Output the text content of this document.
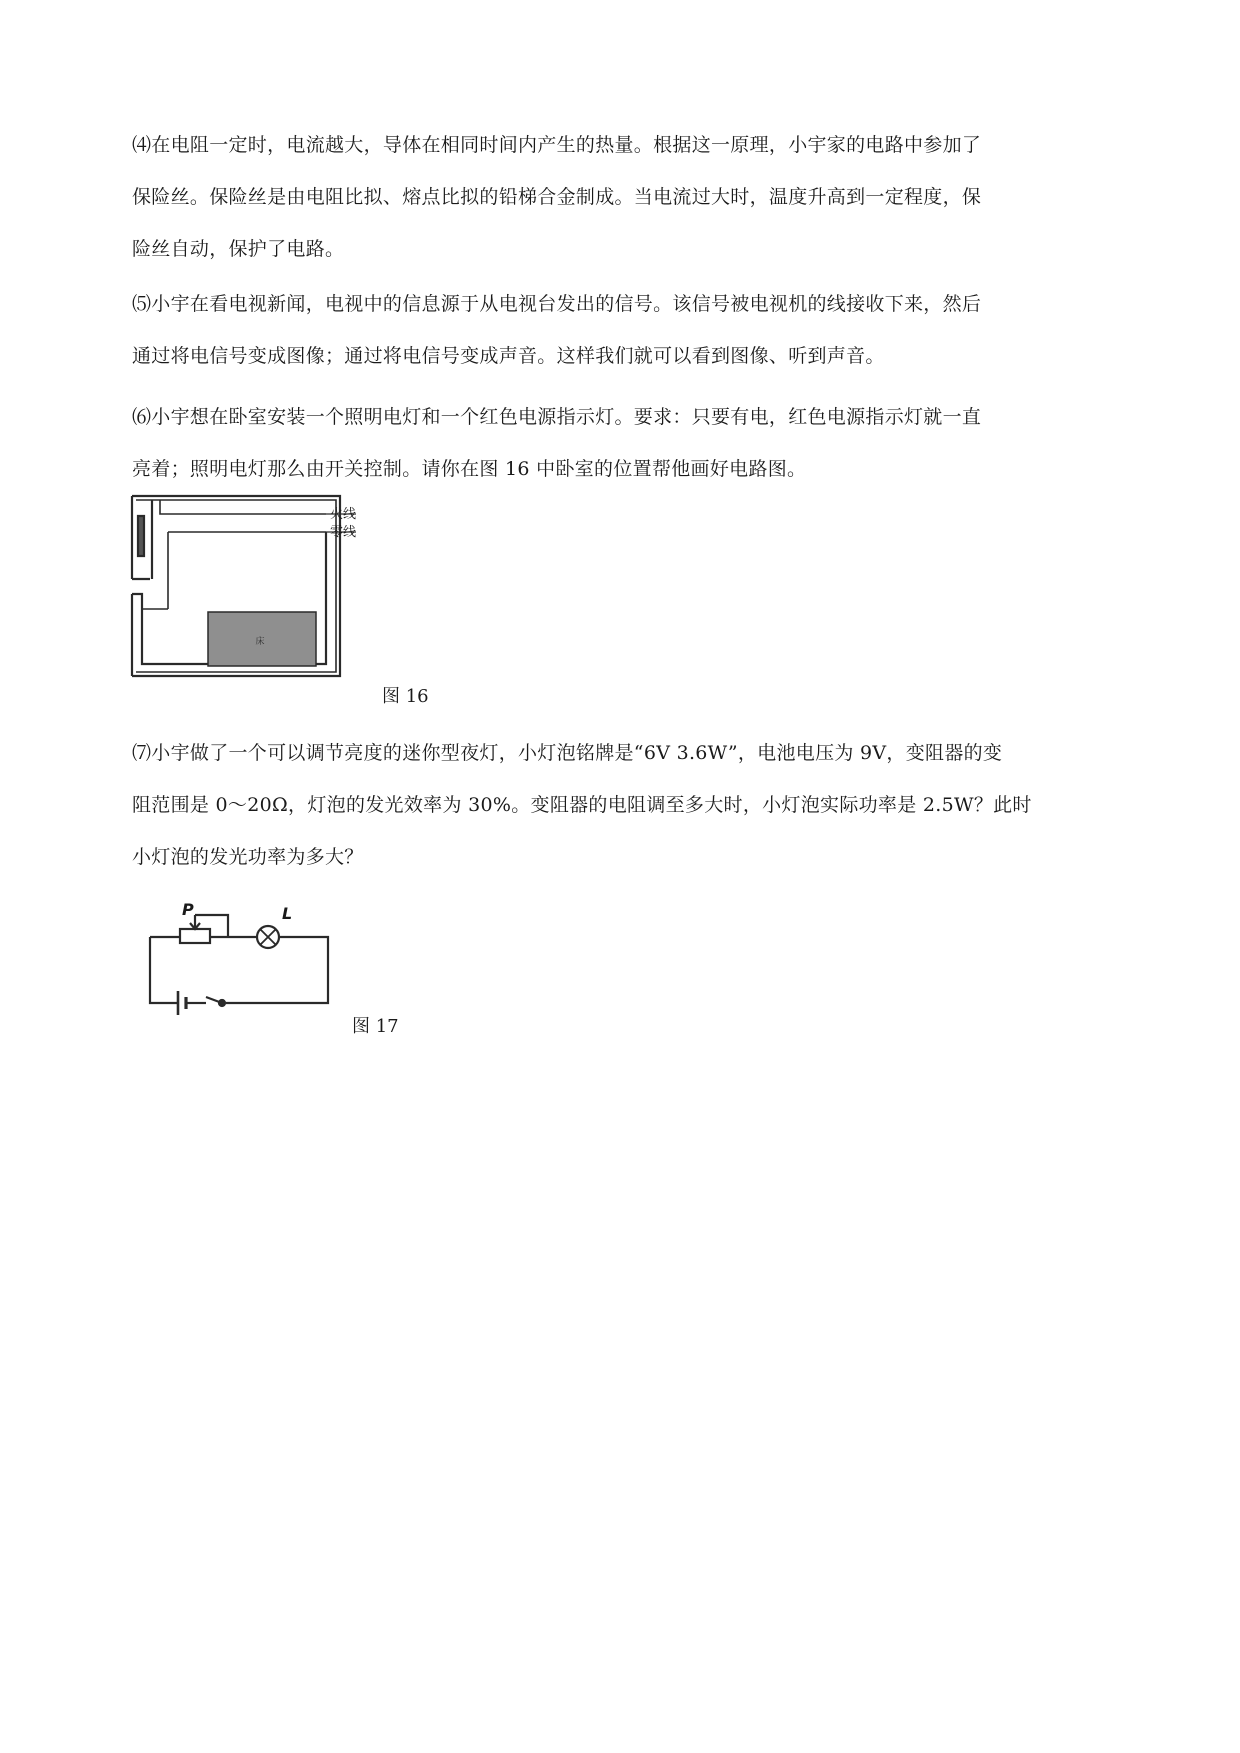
⑷在电阻一定时，电流越大，导体在相同时间内产生的热量。根据这一原理，小宇家的电路中参加了

保险丝。保险丝是由电阻比拟、熔点比拟的铅梯合金制成。当电流过大时，温度升高到一定程度，保

险丝自动，保护了电路。

⑸小宇在看电视新闻，电视中的信息源于从电视台发出的信号。该信号被电视机的线接收下来，然后

通过将电信号变成图像；通过将电信号变成声音。这样我们就可以看到图像、听到声音。

⑹小宇想在卧室安装一个照明电灯和一个红色电源指示灯。要求：只要有电，红色电源指示灯就一直

亮着；照明电灯那么由开关控制。请你在图 16 中卧室的位置帮他画好电路图。

床
火线
零线
图 16

⑺小宇做了一个可以调节亮度的迷你型夜灯，小灯泡铭牌是“6V 3.6W”，电池电压为 9V，变阻器的变

阻范围是 0～20Ω，灯泡的发光效率为 30%。变阻器的电阻调至多大时，小灯泡实际功率是 2.5W？此时

小灯泡的发光功率为多大？

P	L
图 17
